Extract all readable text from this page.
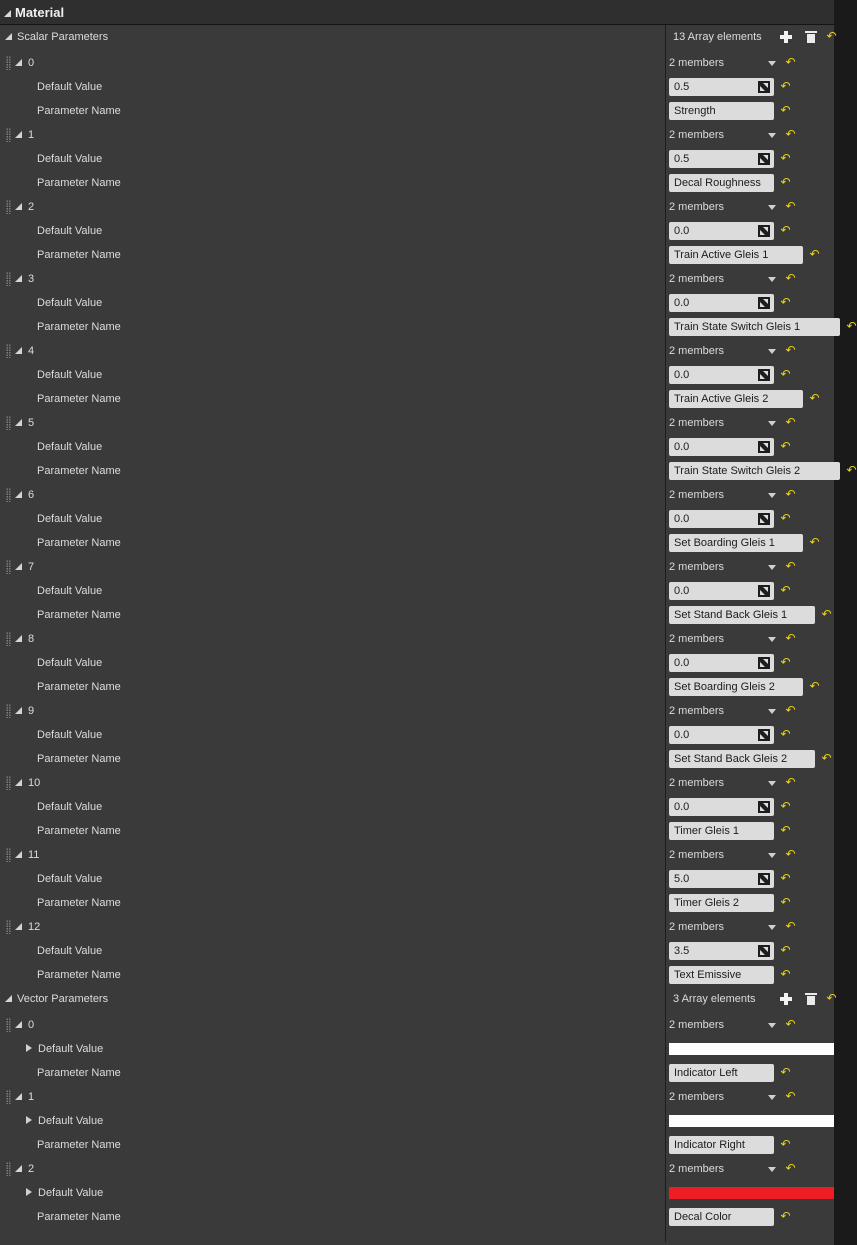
Material
Scalar Parameters	13 Array elements	↶
0	2 members	↶
Default Value	0.5	↶
Parameter Name	Strength	↶
1	2 members	↶
Default Value	0.5	↶
Parameter Name	Decal Roughness	↶
2	2 members	↶
Default Value	0.0	↶
Parameter Name	Train Active Gleis 1	↶
3	2 members	↶
Default Value	0.0	↶
Parameter Name	Train State Switch Gleis 1	↶
4	2 members	↶
Default Value	0.0	↶
Parameter Name	Train Active Gleis 2	↶
5	2 members	↶
Default Value	0.0	↶
Parameter Name	Train State Switch Gleis 2	↶
6	2 members	↶
Default Value	0.0	↶
Parameter Name	Set Boarding Gleis 1	↶
7	2 members	↶
Default Value	0.0	↶
Parameter Name	Set Stand Back Gleis 1	↶
8	2 members	↶
Default Value	0.0	↶
Parameter Name	Set Boarding Gleis 2	↶
9	2 members	↶
Default Value	0.0	↶
Parameter Name	Set Stand Back Gleis 2	↶
10	2 members	↶
Default Value	0.0	↶
Parameter Name	Timer Gleis 1	↶
11	2 members	↶
Default Value	5.0	↶
Parameter Name	Timer Gleis 2	↶
12	2 members	↶
Default Value	3.5	↶
Parameter Name	Text Emissive	↶
Vector Parameters	3 Array elements	↶
0	2 members	↶
Default Value
Parameter Name	Indicator Left	↶
1	2 members	↶
Default Value
Parameter Name	Indicator Right	↶
2	2 members	↶
Default Value
Parameter Name	Decal Color	↶
